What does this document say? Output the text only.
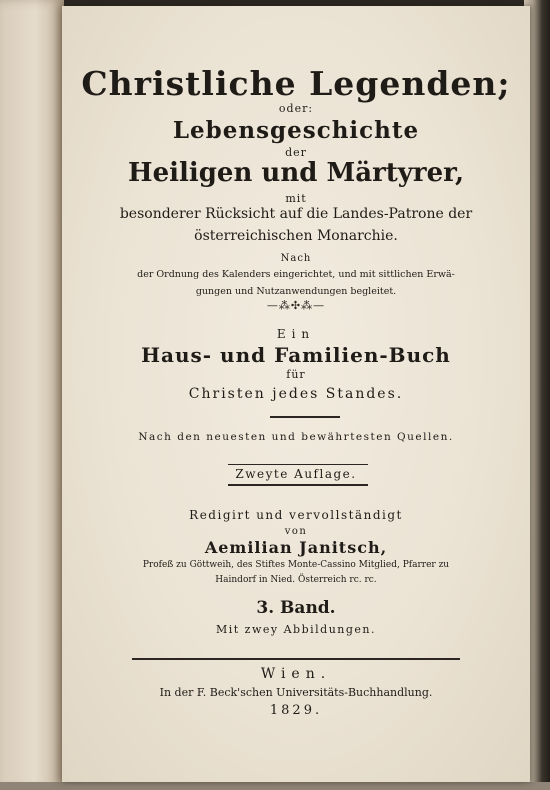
Christliche Legenden;
oder:
Lebensgeschichte
der
Heiligen und Märtyrer,
mit
besonderer Rücksicht auf die Landes-Patrone der
österreichischen Monarchie.
Nach
der Ordnung des Kalenders eingerichtet, und mit sittlichen Erwä-
gungen und Nutzanwendungen begleitet.
—⁂✣⁂—
Ein
Haus- und Familien-Buch
für
Christen jedes Standes.
Nach den neuesten und bewährtesten Quellen.
Zweyte Auflage.
Redigirt und vervollständigt
von
Aemilian Janitsch,
Profeß zu Göttweih, des Stiftes Monte-Cassino Mitglied, Pfarrer zu
Haindorf in Nied. Österreich rc. rc.
3. Band.
Mit zwey Abbildungen.
Wien.
In der F. Beck'schen Universitäts-Buchhandlung.
1829.
